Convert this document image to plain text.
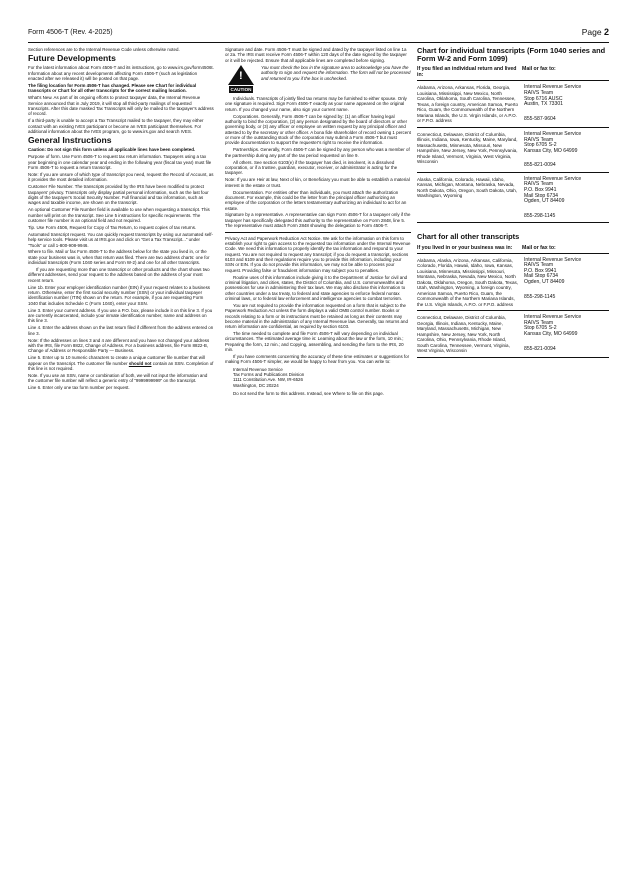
Form 4506-T (Rev. 4-2025)	Page 2

Section references are to the Internal Revenue Code unless otherwise noted.

Future Developments

For the latest information about Form 4506-T and its instructions, go to www.irs.gov/form4506t. Information about any recent developments affecting Form 4506-T (such as legislation enacted after we released it) will be posted on that page.

The filing location for Form 4506-T has changed. Please see Chart for individual transcripts or Chart for all other transcripts for the correct mailing location.

What's New. As part of its ongoing efforts to protect taxpayer data, the Internal Revenue Service announced that in July 2019, it will stop all third-party mailings of requested transcripts. After this date masked Tax Transcripts will only be mailed to the taxpayer's address of record.

If a third-party is unable to accept a Tax Transcript mailed to the taxpayer, they may either contact with an existing IVES participant or become an IVES participant themselves. For additional information about the IVES program, go to www.irs.gov and search IVES.

General Instructions

Caution: Do not sign this form unless all applicable lines have been completed.

Purpose of form. Use Form 4506-T to request tax return information. Taxpayers using a tax year beginning in one calendar year and ending in the following year (fiscal tax year) must file Form 4506-T to request a return transcript.

Note: If you are unsure of which type of transcript you need, request the Record of Account, as it provides the most detailed information.

Customer File Number. The transcripts provided by the IRS have been modified to protect taxpayers' privacy. Transcripts only display partial personal information, such as the last four digits of the taxpayer's Social Security Number. Full financial and tax information, such as wages and taxable income, are shown on the transcript.

An optional Customer File Number field is available to use when requesting a transcript. This number will print on the transcript. See Line 5 instructions for specific requirements. The customer file number is an optional field and not required.

Tip. Use Form 4506, Request for Copy of Tax Return, to request copies of tax returns.

Automated transcript request. You can quickly request transcripts by using our automated self-help service tools. Please visit us at IRS.gov and click on "Get a Tax Transcript..." under "Tools" or call 1-800-908-9946.

Where to file. Mail or fax Form 4506-T to the address below for the state you lived in, or the state your business was in, when that return was filed. There are two address charts: one for individual transcripts (Form 1040 series and Form W-2) and one for all other transcripts.

If you are requesting more than one transcript or other products and the chart shows two different addresses, send your request to the address based on the address of your most recent return.

Line 1b. Enter your employer identification number (EIN) if your request relates to a business return. Otherwise, enter the first social security number (SSN) or your individual taxpayer identification number (ITIN) shown on the return. For example, if you are requesting Form 1040 that includes Schedule C (Form 1040), enter your SSN.

Line 3. Enter your current address. If you use a P.O. box, please include it on this line 3. If you are currently incarcerated, include your inmate identification number, name and address on this line 3.

Line 4. Enter the address shown on the last return filed if different from the address entered on line 3.

Note: If the addresses on lines 3 and 4 are different and you have not changed your address with the IRS, file Form 8822, Change of Address. For a business address, file Form 8822-B, Change of Address or Responsible Party — Business.

Line 5. Enter up to 10 numeric characters to create a unique customer file number that will appear on the transcript. The customer file number should not contain an SSN. Completion of this line is not required.

Note. If you use an SSN, name or combination of both, we will not input the information and the customer file number will reflect a generic entry of "9999999999" on the transcript.

Line 6. Enter only one tax form number per request.

Signature and date. Form 4506-T must be signed and dated by the taxpayer listed on line 1a or 2a. The IRS must receive Form 4506-T within 120 days of the date signed by the taxpayer or it will be rejected. Ensure that all applicable lines are completed before signing.

!
CAUTION
You must check the box in the signature area to acknowledge you have the authority to sign and request the information. The form will not be processed and returned to you if the box is unchecked.

Individuals. Transcripts of jointly filed tax returns may be furnished to either spouse. Only one signature is required. Sign Form 4506-T exactly as your name appeared on the original return. If you changed your name, also sign your current name.

Corporations. Generally, Form 4506-T can be signed by: (1) an officer having legal authority to bind the corporation, (2) any person designated by the board of directors or other governing body, or (3) any officer or employee on written request by any principal officer and attested to by the secretary or other officer. A bona fide shareholder of record owning 1 percent or more of the outstanding stock of the corporation may submit a Form 4506-T but must provide documentation to support the requester's right to receive the information.

Partnerships. Generally, Form 4506-T can be signed by any person who was a member of the partnership during any part of the tax period requested on line 9.

All others. See section 6103(e) if the taxpayer has died, is insolvent, is a dissolved corporation, or if a trustee, guardian, executor, receiver, or administrator is acting for the taxpayer.

Note: If you are Heir at law, Next of kin, or Beneficiary you must be able to establish a material interest in the estate or trust.

Documentation. For entities other than individuals, you must attach the authorization document. For example, this could be the letter from the principal officer authorizing an employee of the corporation or the letters testamentary authorizing an individual to act for an estate.

Signature by a representative. A representative can sign Form 4506-T for a taxpayer only if the taxpayer has specifically delegated this authority to the representative on Form 2848, line 5. The representative must attach Form 2848 showing the delegation to Form 4506-T.

Privacy Act and Paperwork Reduction Act Notice. We ask for the information on this form to establish your right to gain access to the requested tax information under the Internal Revenue Code. We need this information to properly identify the tax information and respond to your request. You are not required to request any transcript; if you do request a transcript, sections 6103 and 6109 and their regulations require you to provide this information, including your SSN or EIN. If you do not provide this information, we may not be able to process your request. Providing false or fraudulent information may subject you to penalties.

Routine uses of this information include giving it to the Department of Justice for civil and criminal litigation, and cities, states, the District of Columbia, and U.S. commonwealths and possessions for use in administering their tax laws. We may also disclose this information to other countries under a tax treaty, to federal and state agencies to enforce federal nontax criminal laws, or to federal law enforcement and intelligence agencies to combat terrorism.

You are not required to provide the information requested on a form that is subject to the Paperwork Reduction Act unless the form displays a valid OMB control number. Books or records relating to a form or its instructions must be retained as long as their contents may become material in the administration of any Internal Revenue law. Generally, tax returns and return information are confidential, as required by section 6103.

The time needed to complete and file Form 4506-T will vary depending on individual circumstances. The estimated average time is: Learning about the law or the form, 10 min.; Preparing the form, 12 min.; and Copying, assembling, and sending the form to the IRS, 20 min.

If you have comments concerning the accuracy of these time estimates or suggestions for making Form 4506-T simpler, we would be happy to hear from you. You can write to:

Internal Revenue Service

Tax Forms and Publications Division

1111 Constitution Ave. NW, IR-6526

Washington, DC 20224

Do not send the form to this address. Instead, see Where to file on this page.

Chart for individual transcripts (Form 1040 series and Form W-2 and Form 1099)
If you filed an individual return and lived in:
Mail or fax to:
Alabama, Arizona, Arkansas, Florida, Georgia, Louisiana, Mississippi, New Mexico, North Carolina, Oklahoma, South Carolina, Tennessee, Texas, a foreign country, American Samoa, Puerto Rico, Guam, the Commonwealth of the Northern Mariana Islands, the U.S. Virgin Islands, or A.P.O. or F.P.O. address
Internal Revenue Service
RAIVS Team
Stop 6716 AUSC
Austin, TX 73301
855-587-9604
Connecticut, Delaware, District of Columbia, Illinois, Indiana, Iowa, Kentucky, Maine, Maryland, Massachusetts, Minnesota, Missouri, New Hampshire, New Jersey, New York, Pennsylvania, Rhode Island, Vermont, Virginia, West Virginia, Wisconsin
Internal Revenue Service
RAIVS Team
Stop 6705 S-2
Kansas City, MO 64999
855-821-0094
Alaska, California, Colorado, Hawaii, Idaho, Kansas, Michigan, Montana, Nebraska, Nevada, North Dakota, Ohio, Oregon, South Dakota, Utah, Washington, Wyoming
Internal Revenue Service
RAIVS Team
P.O. Box 9941
Mail Stop 6734
Ogden, UT 84409
855-298-1145
Chart for all other transcripts
If you lived in or your business was in:	Mail or fax to:
Alabama, Alaska, Arizona, Arkansas, California, Colorado, Florida, Hawaii, Idaho, Iowa, Kansas, Louisiana, Minnesota, Mississippi, Missouri, Montana, Nebraska, Nevada, New Mexico, North Dakota, Oklahoma, Oregon, South Dakota, Texas, Utah, Washington, Wyoming, a foreign country, American Samoa, Puerto Rico, Guam, the Commonwealth of the Northern Mariana Islands, the U.S. Virgin Islands, A.P.O. or F.P.O. address
Internal Revenue Service
RAIVS Team
P.O. Box 9941
Mail Stop 6734
Ogden, UT 84409
855-298-1145
Connecticut, Delaware, District of Columbia, Georgia, Illinois, Indiana, Kentucky, Maine, Maryland, Massachusetts, Michigan, New Hampshire, New Jersey, New York, North Carolina, Ohio, Pennsylvania, Rhode Island, South Carolina, Tennessee, Vermont, Virginia, West Virginia, Wisconsin
Internal Revenue Service
RAIVS Team
Stop 6705 S-2
Kansas City, MO 64999
855-821-0094
